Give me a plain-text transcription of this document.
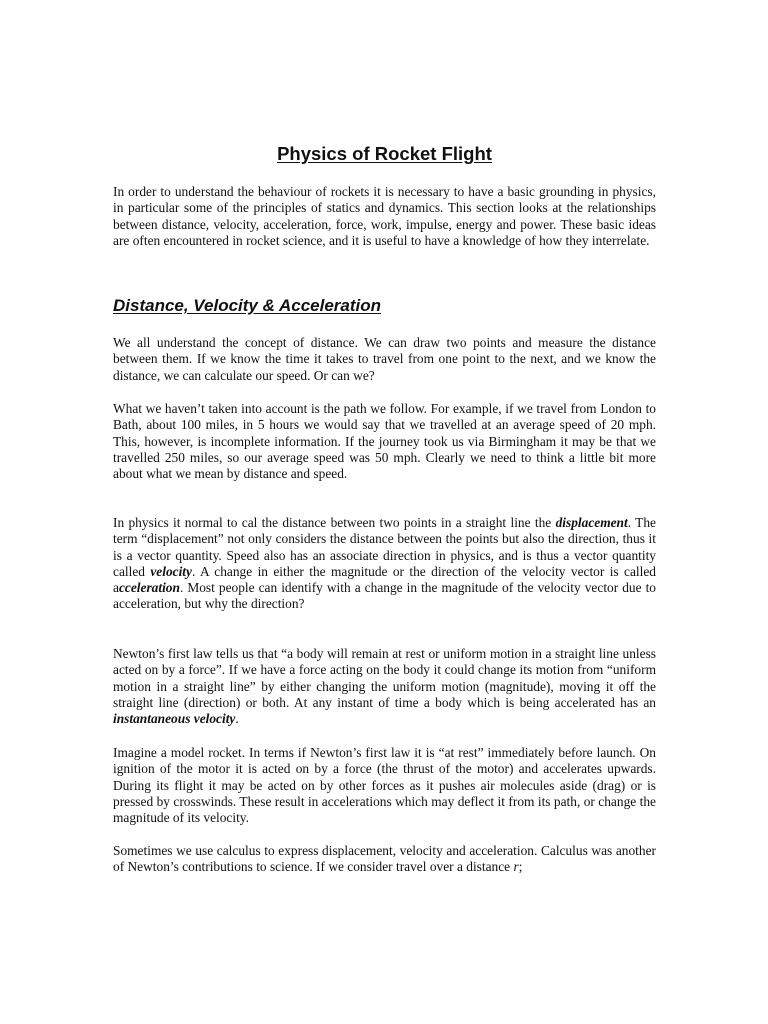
Physics of Rocket Flight

In order to understand the behaviour of rockets it is necessary to have a basic grounding in physics, in particular some of the principles of statics and dynamics. This section looks at the relationships between distance, velocity, acceleration, force, work, impulse, energy and power. These basic ideas are often encountered in rocket science, and it is useful to have a knowledge of how they interrelate.

Distance, Velocity & Acceleration

We all understand the concept of distance. We can draw two points and measure the distance between them. If we know the time it takes to travel from one point to the next, and we know the distance, we can calculate our speed. Or can we?

What we haven’t taken into account is the path we follow. For example, if we travel from London to Bath, about 100 miles, in 5 hours we would say that we travelled at an average speed of 20 mph. This, however, is incomplete information. If the journey took us via Birmingham it may be that we travelled 250 miles, so our average speed was 50 mph. Clearly we need to think a little bit more about what we mean by distance and speed.

In physics it normal to cal the distance between two points in a straight line the displacement. The term “displacement” not only considers the distance between the points but also the direction, thus it is a vector quantity. Speed also has an associate direction in physics, and is thus a vector quantity called velocity. A change in either the magnitude or the direction of the velocity vector is called acceleration. Most people can identify with a change in the magnitude of the velocity vector due to acceleration, but why the direction?

Newton’s first law tells us that “a body will remain at rest or uniform motion in a straight line unless acted on by a force”. If we have a force acting on the body it could change its motion from “uniform motion in a straight line” by either changing the uniform motion (magnitude), moving it off the straight line (direction) or both. At any instant of time a body which is being accelerated has an instantaneous velocity.

Imagine a model rocket. In terms if Newton’s first law it is “at rest” immediately before launch. On ignition of the motor it is acted on by a force (the thrust of the motor) and accelerates upwards. During its flight it may be acted on by other forces as it pushes air molecules aside (drag) or is pressed by crosswinds. These result in accelerations which may deflect it from its path, or change the magnitude of its velocity.

Sometimes we use calculus to express displacement, velocity and acceleration. Calculus was another of Newton’s contributions to science. If we consider travel over a distance r;
